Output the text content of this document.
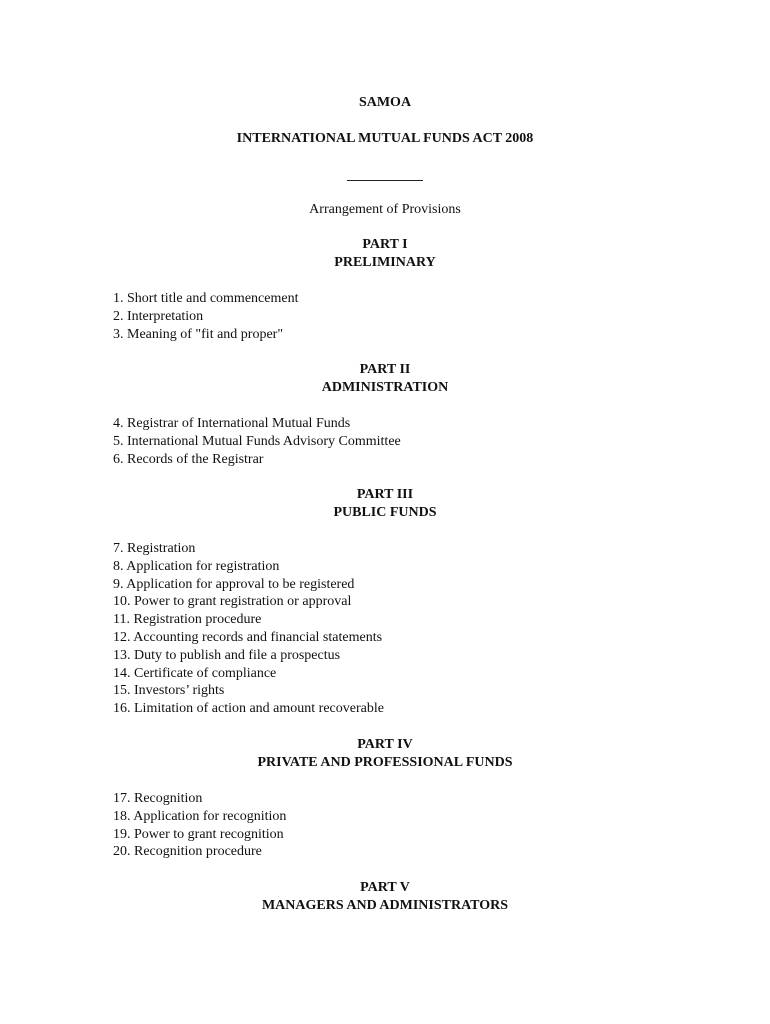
SAMOA
INTERNATIONAL MUTUAL FUNDS ACT 2008
Arrangement of Provisions
PART I
PRELIMINARY
1. Short title and commencement
2. Interpretation
3. Meaning of "fit and proper"
PART II
ADMINISTRATION
4. Registrar of International Mutual Funds
5. International Mutual Funds Advisory Committee
6. Records of the Registrar
PART III
PUBLIC FUNDS
7. Registration
8. Application for registration
9. Application for approval to be registered
10. Power to grant registration or approval
11. Registration procedure
12. Accounting records and financial statements
13. Duty to publish and file a prospectus
14. Certificate of compliance
15. Investors’ rights
16. Limitation of action and amount recoverable
PART IV
PRIVATE AND PROFESSIONAL FUNDS
17. Recognition
18. Application for recognition
19. Power to grant recognition
20. Recognition procedure
PART V
MANAGERS AND ADMINISTRATORS
